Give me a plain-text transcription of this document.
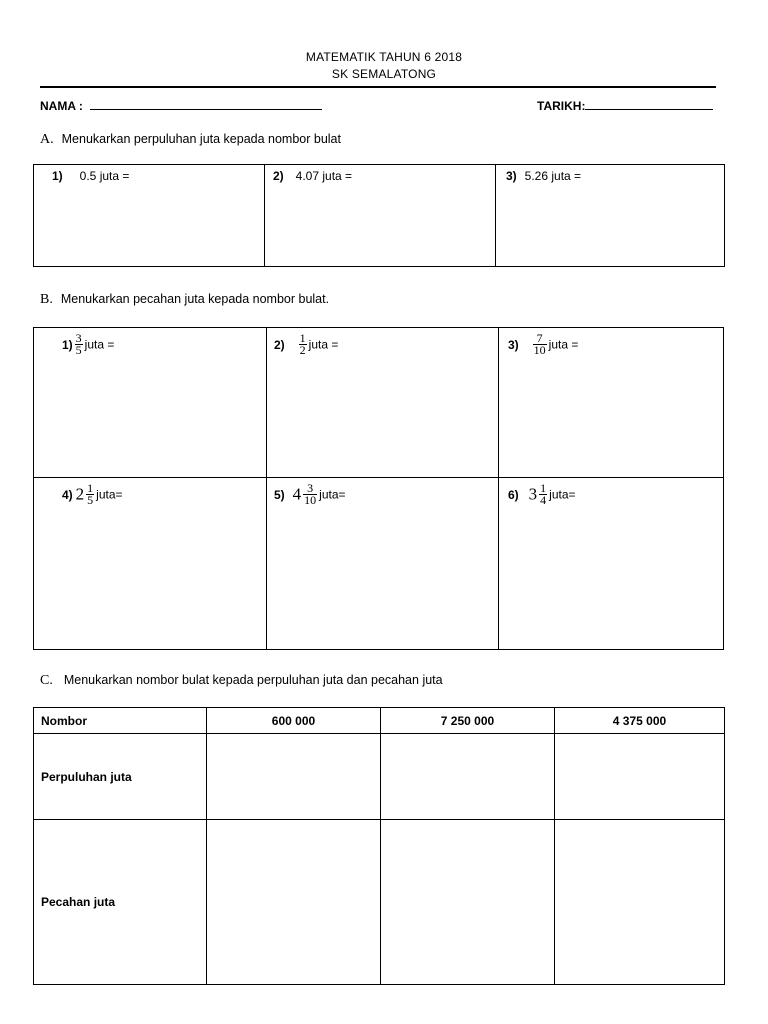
MATEMATIK TAHUN 6 2018
SK SEMALATONG
NAMA :	TARIKH:
A. Menukarkan perpuluhan juta kepada nombor bulat
1) 0.5 juta =	2) 4.07 juta =	3) 5.26 juta =
B. Menukarkan pecahan juta kepada nombor bulat.
$1) \frac{3}{5}$ juta =	$2) \frac{1}{2}$ juta =	$3) \frac{7}{10}$ juta =

4) $2 \frac{1}{5}$ juta=	5) $4 \frac{3}{10}$ juta=	6) $3 \frac{1}{4}$ juta=
C. Menukarkan nombor bulat kepada perpuluhan juta dan pecahan juta
Nombor	600 000	7 250 000	4 375 000
Perpuluhan juta			
Pecahan juta			
